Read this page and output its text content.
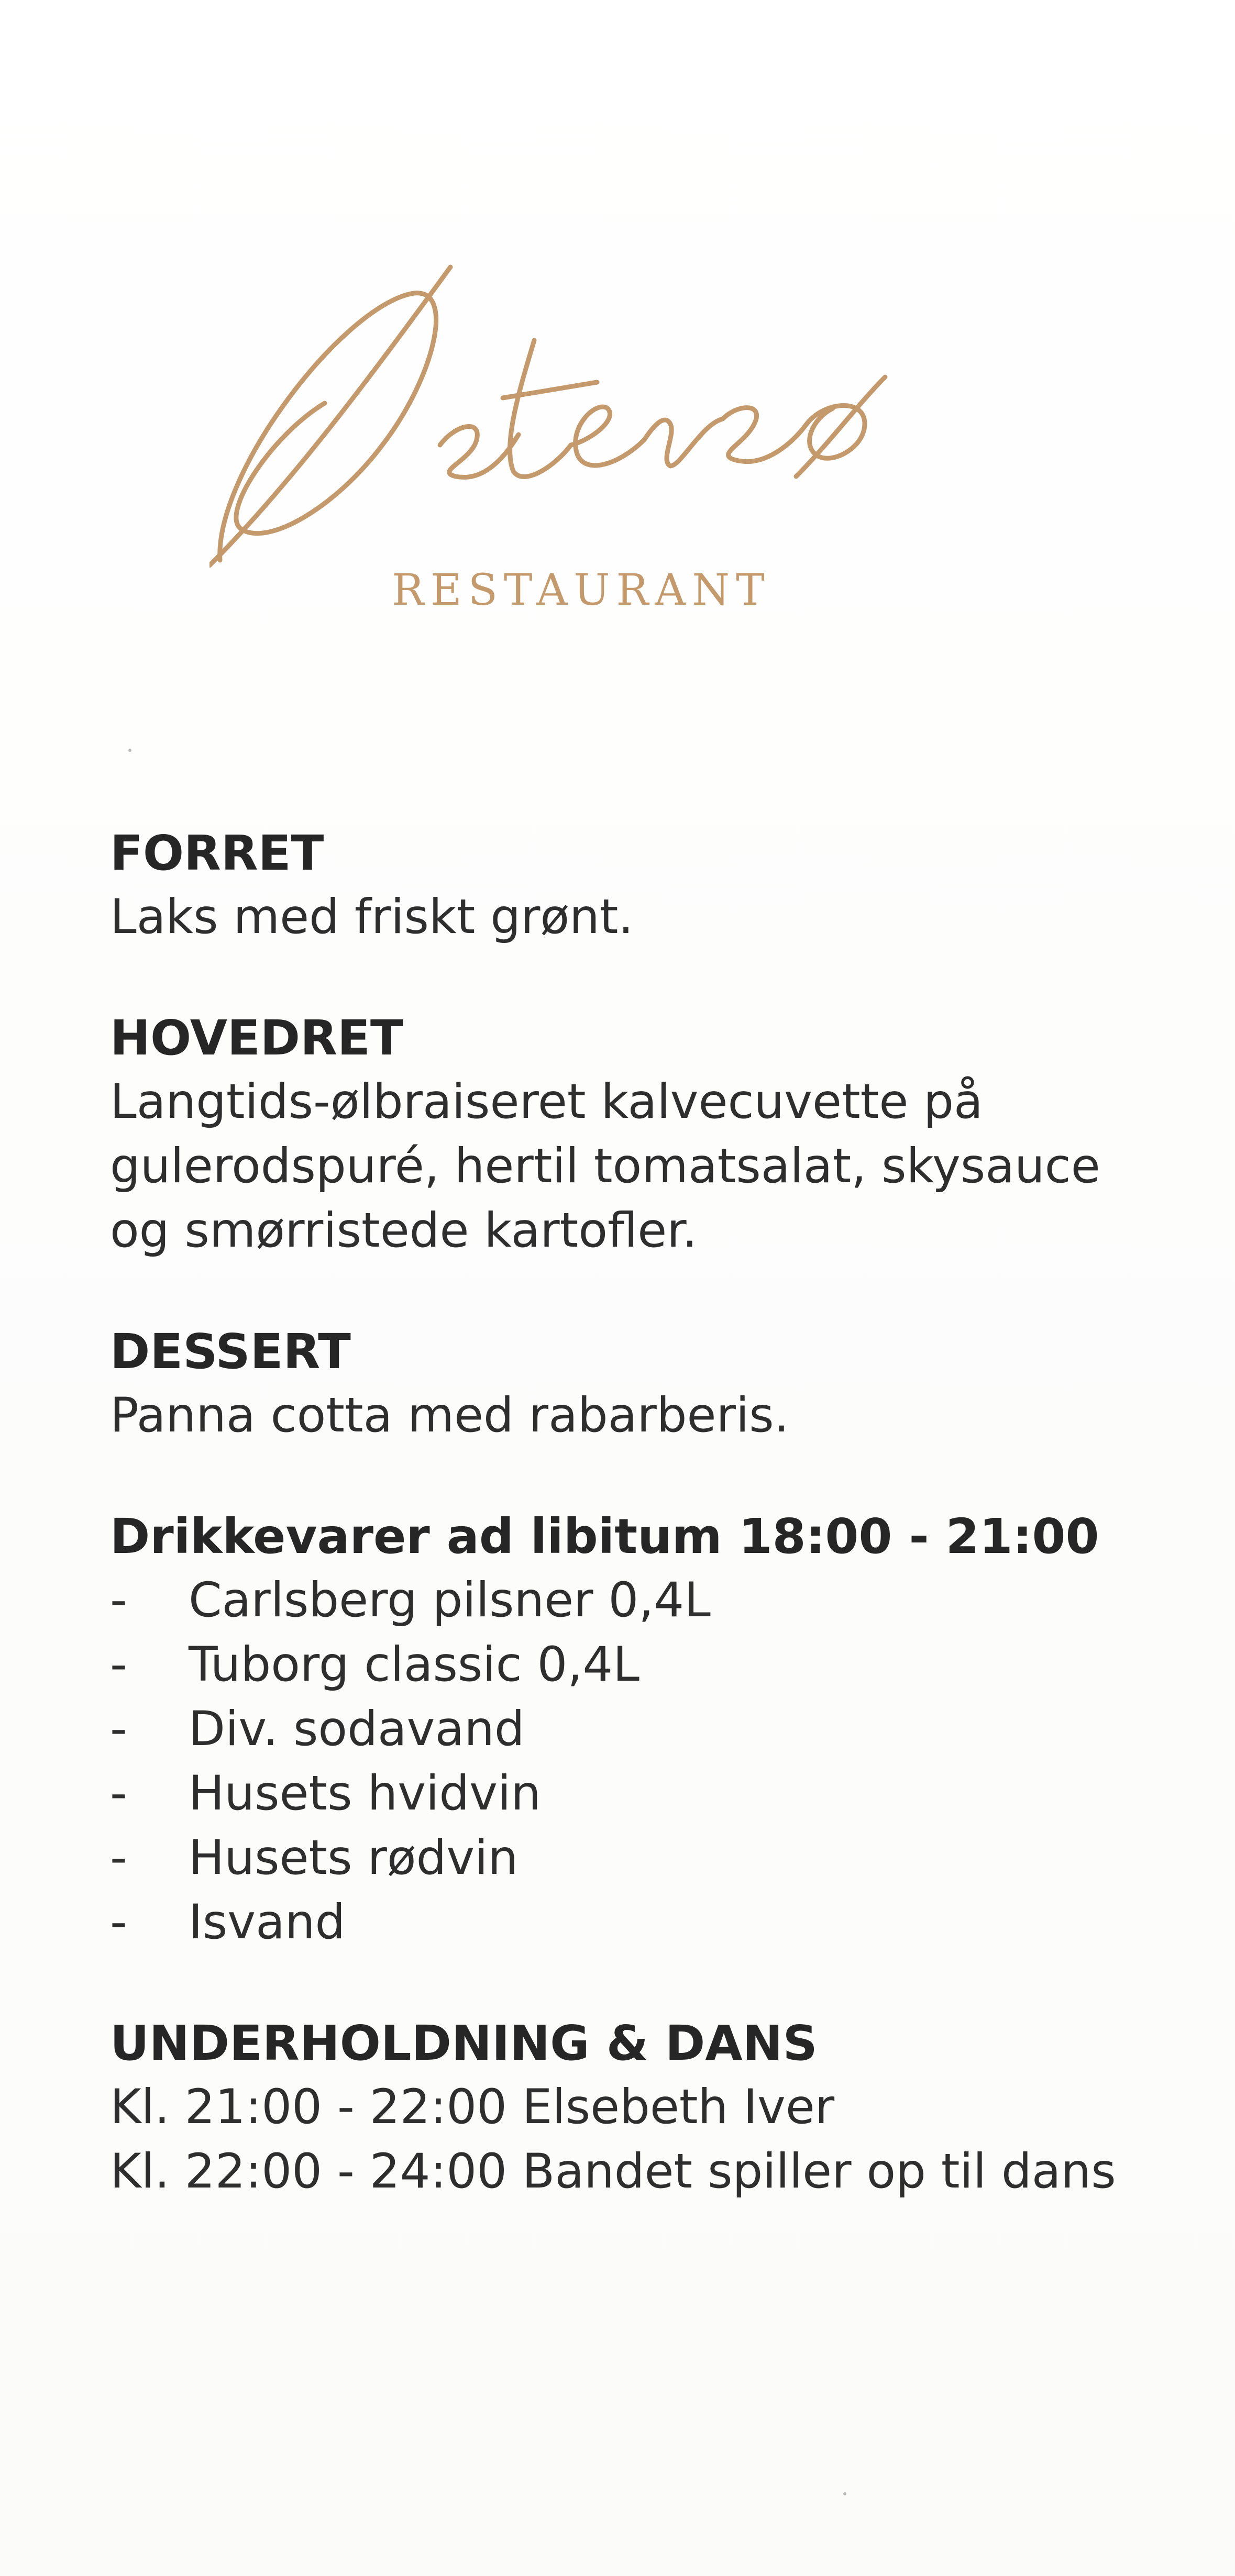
RESTAURANT
FORRET
Laks med friskt grønt.
HOVEDRET
Langtids-ølbraiseret kalvecuvette på
gulerodspuré, hertil tomatsalat, skysauce
og smørristede kartofler.
DESSERT
Panna cotta med rabarberis.
Drikkevarer ad libitum 18:00 - 21:00
-	Carlsberg pilsner 0,4L
-	Tuborg classic 0,4L
-	Div. sodavand
-	Husets hvidvin
-	Husets rødvin
-	Isvand
UNDERHOLDNING & DANS
Kl. 21:00 - 22:00 Elsebeth Iver
Kl. 22:00 - 24:00 Bandet spiller op til dans
